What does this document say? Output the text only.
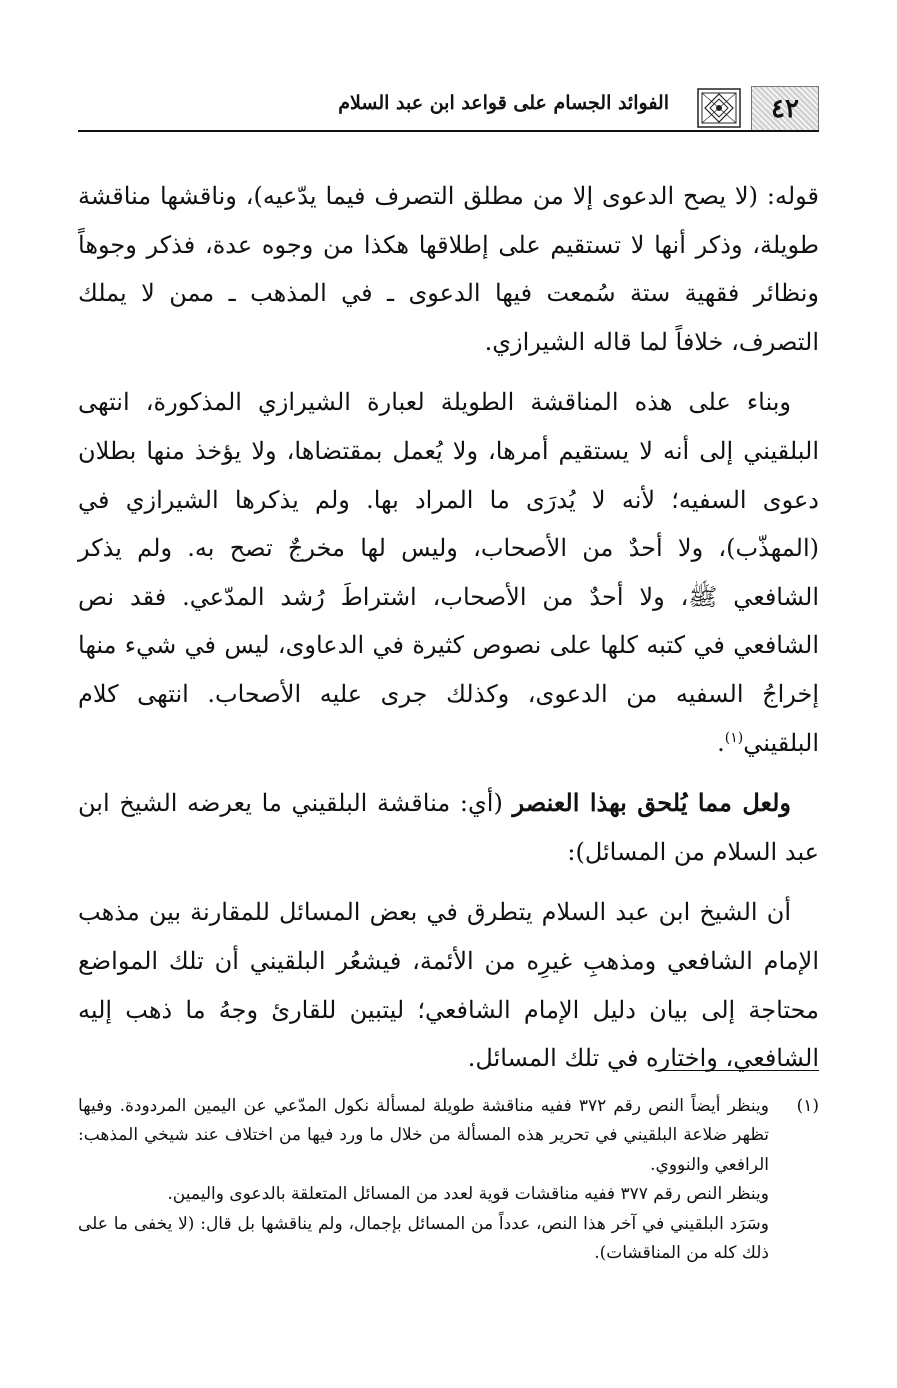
٤٢
الفوائد الجسام على قواعد ابن عبد السلام

قوله: (لا يصح الدعوى إلا من مطلق التصرف فيما يدّعيه)، وناقشها مناقشة طويلة، وذكر أنها لا تستقيم على إطلاقها هكذا من وجوه عدة، فذكر وجوهاً ونظائر فقهية ستة سُمعت فيها الدعوى ـ في المذهب ـ ممن لا يملك التصرف، خلافاً لما قاله الشيرازي.

وبناء على هذه المناقشة الطويلة لعبارة الشيرازي المذكورة، انتهى البلقيني إلى أنه لا يستقيم أمرها، ولا يُعمل بمقتضاها، ولا يؤخذ منها بطلان دعوى السفيه؛ لأنه لا يُدرَى ما المراد بها. ولم يذكرها الشيرازي في (المهذّب)، ولا أحدٌ من الأصحاب، وليس لها مخرجٌ تصح به. ولم يذكر الشافعي ﷺ، ولا أحدٌ من الأصحاب، اشتراطَ رُشد المدّعي. فقد نص الشافعي في كتبه كلها على نصوص كثيرة في الدعاوى، ليس في شيء منها إخراجُ السفيه من الدعوى، وكذلك جرى عليه الأصحاب. انتهى كلام البلقيني$^{(١)}$.

ولعل مما يُلحق بهذا العنصر (أي: مناقشة البلقيني ما يعرضه الشيخ ابن عبد السلام من المسائل):

أن الشيخ ابن عبد السلام يتطرق في بعض المسائل للمقارنة بين مذهب الإمام الشافعي ومذهبِ غيرِه من الأئمة، فيشعُر البلقيني أن تلك المواضع محتاجة إلى بيان دليل الإمام الشافعي؛ ليتبين للقارئ وجهُ ما ذهب إليه الشافعي، واختاره في تلك المسائل.

(١)
وينظر أيضاً النص رقم ٣٧٢ ففيه مناقشة طويلة لمسألة نكول المدّعي عن اليمين المردودة. وفيها تظهر ضلاعة البلقيني في تحرير هذه المسألة من خلال ما ورد فيها من اختلاف عند شيخي المذهب: الرافعي والنووي.
وينظر النص رقم ٣٧٧ ففيه مناقشات قوية لعدد من المسائل المتعلقة بالدعوى واليمين.
وسَرَد البلقيني في آخر هذا النص، عدداً من المسائل بإجمال، ولم يناقشها بل قال: (لا يخفى ما على ذلك كله من المناقشات).
